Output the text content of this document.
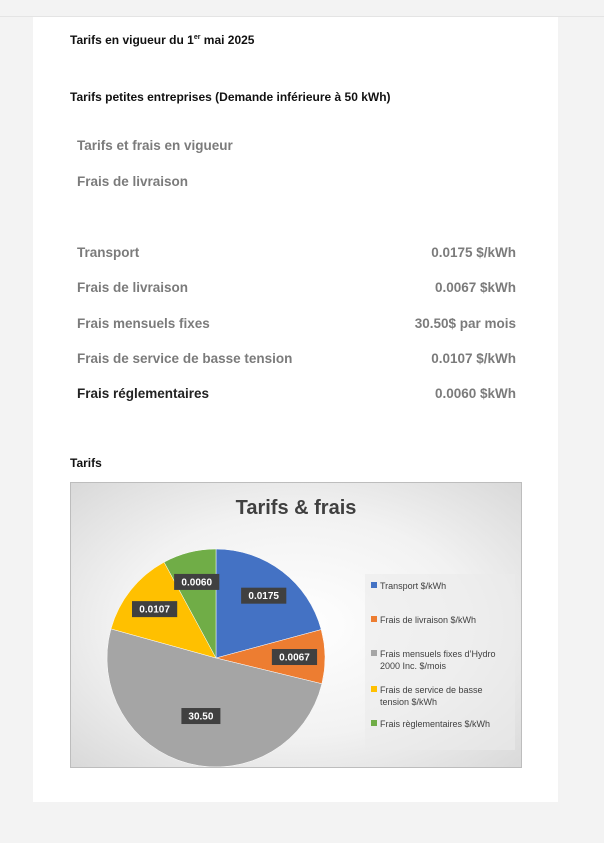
Tarifs en vigueur du 1er mai 2025
Tarifs petites entreprises (Demande inférieure à 50 kWh)
Tarifs et frais en vigueur
Frais de livraison
Transport	0.0175 $/kWh
Frais de livraison	0.0067 $kWh
Frais mensuels fixes	30.50$ par mois
Frais de service de basse tension	0.0107 $/kWh
Frais réglementaires	0.0060 $kWh
Tarifs
Tarifs & frais
0.0175
0.0067
30.50
0.0107
0.0060	Transport $/kWh
Frais de livraison $/kWh
Frais mensuels fixes d’Hydro 2000 Inc. $/mois
Frais de service de basse tension $/kWh
Frais règlementaires $/kWh
